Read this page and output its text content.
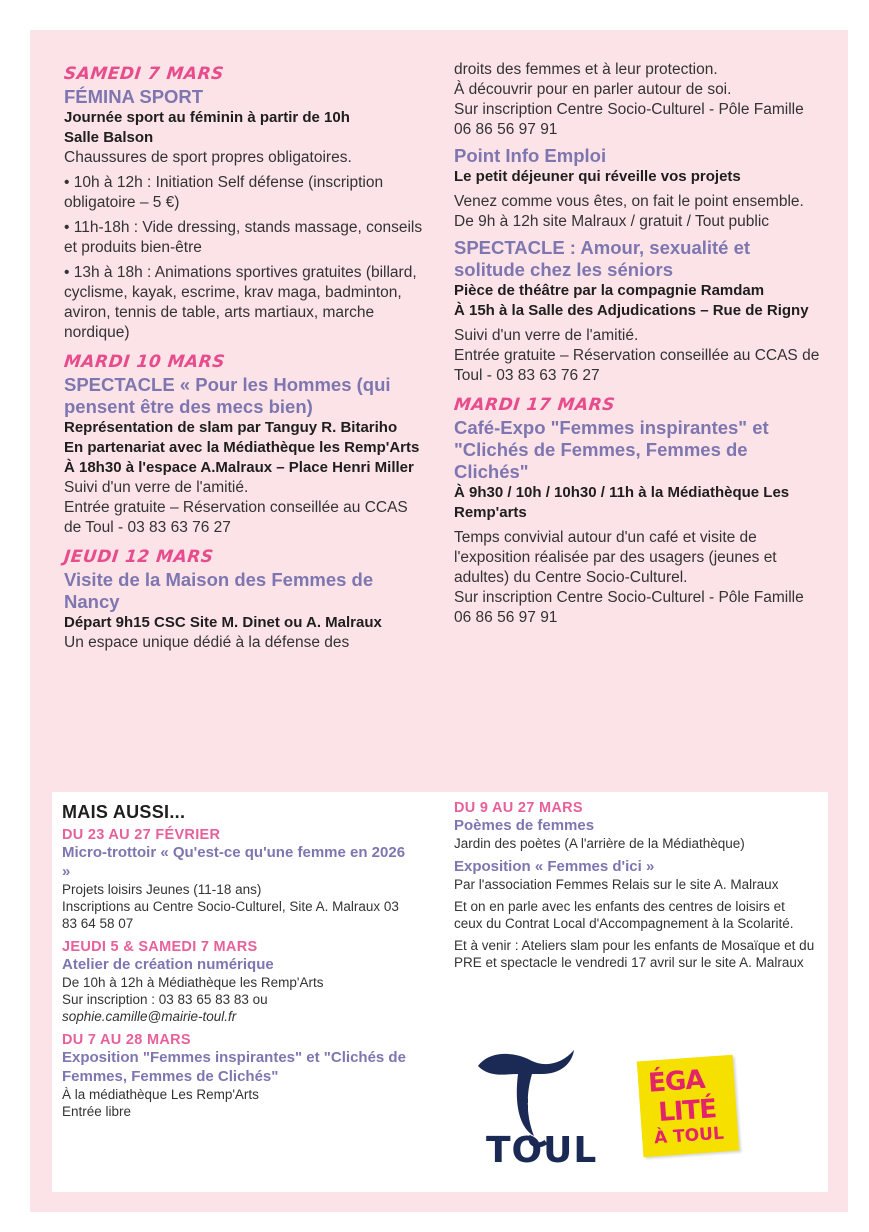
SAMEDI 7 MARS

FÉMINA SPORT

Journée sport au féminin à partir de 10h

Salle Balson

Chaussures de sport propres obligatoires.

• 10h à 12h : Initiation Self défense (inscription obligatoire – 5 €)

• 11h-18h : Vide dressing, stands massage, conseils et produits bien-être

• 13h à 18h : Animations sportives gratuites (billard, cyclisme, kayak, escrime, krav maga, badminton, aviron, tennis de table, arts martiaux, marche nordique)

MARDI 10 MARS

SPECTACLE « Pour les Hommes (qui pensent être des mecs bien)

Représentation de slam par Tanguy R. Bitariho

En partenariat avec la Médiathèque les Remp'Arts

À 18h30 à l'espace A.Malraux – Place Henri Miller

Suivi d'un verre de l'amitié.

Entrée gratuite – Réservation conseillée au CCAS de Toul - 03 83 63 76 27

JEUDI 12 MARS

Visite de la Maison des Femmes de Nancy

Départ 9h15 CSC Site M. Dinet ou A. Malraux

Un espace unique dédié à la défense des

droits des femmes et à leur protection.

À découvrir pour en parler autour de soi.

Sur inscription Centre Socio-Culturel - Pôle Famille 06 86 56 97 91

Point Info Emploi

Le petit déjeuner qui réveille vos projets

Venez comme vous êtes, on fait le point ensemble.

De 9h à 12h site Malraux / gratuit / Tout public

SPECTACLE : Amour, sexualité et solitude chez les séniors

Pièce de théâtre par la compagnie Ramdam

À 15h à la Salle des Adjudications – Rue de Rigny

Suivi d'un verre de l'amitié.

Entrée gratuite – Réservation conseillée au CCAS de Toul - 03 83 63 76 27

MARDI 17 MARS

Café-Expo "Femmes inspirantes" et "Clichés de Femmes, Femmes de Clichés"

À 9h30 / 10h / 10h30 / 11h à la Médiathèque Les Remp'arts

Temps convivial autour d'un café et visite de l'exposition réalisée par des usagers (jeunes et adultes) du Centre Socio-Culturel.

Sur inscription Centre Socio-Culturel - Pôle Famille 06 86 56 97 91

MAIS AUSSI...

DU 23 AU 27 FÉVRIER

Micro-trottoir « Qu'est-ce qu'une femme en 2026 »

Projets loisirs Jeunes (11-18 ans)

Inscriptions au Centre Socio-Culturel, Site A. Malraux 03 83 64 58 07

JEUDI 5 & SAMEDI 7 MARS

Atelier de création numérique

De 10h à 12h à Médiathèque les Remp'Arts

Sur inscription : 03 83 65 83 83 ou

sophie.camille@mairie-toul.fr

DU 7 AU 28 MARS

Exposition "Femmes inspirantes" et "Clichés de Femmes, Femmes de Clichés"

À la médiathèque Les Remp'Arts

Entrée libre

DU 9 AU 27 MARS

Poèmes de femmes

Jardin des poètes (A l'arrière de la Médiathèque)

Exposition « Femmes d'ici »

Par l'association Femmes Relais sur le site A. Malraux

Et on en parle avec les enfants des centres de loisirs et ceux du Contrat Local d'Accompagnement à la Scolarité.

Et à venir : Ateliers slam pour les enfants de Mosaïque et du PRE et spectacle le vendredi 17 avril sur le site A. Malraux

VILLE DE
TOUL
ÉGA
LITÉ
À TOUL
